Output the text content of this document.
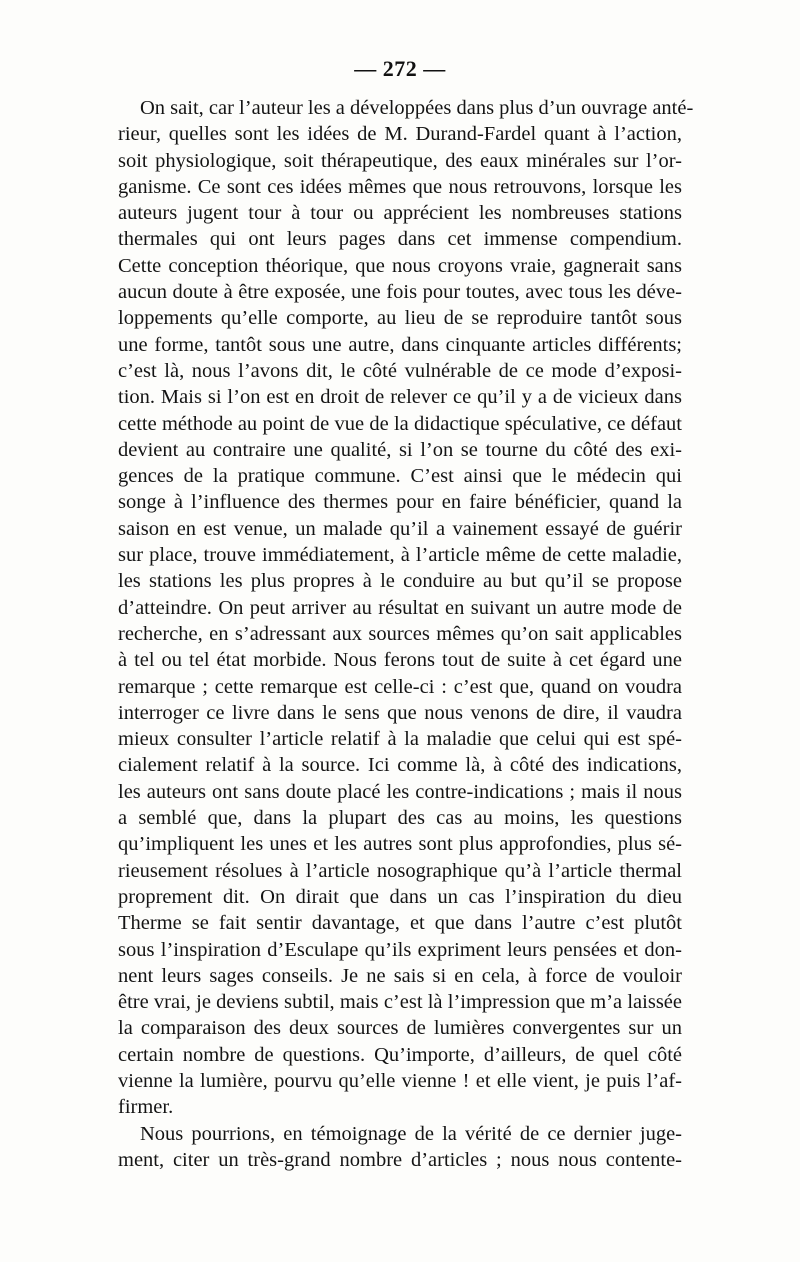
— 272 —
On sait, car l’auteur les a développées dans plus d’un ouvrage anté-
rieur, quelles sont les idées de M. Durand-Fardel quant à l’action,
soit physiologique, soit thérapeutique, des eaux minérales sur l’or-
ganisme. Ce sont ces idées mêmes que nous retrouvons, lorsque les
auteurs jugent tour à tour ou apprécient les nombreuses stations
thermales qui ont leurs pages dans cet immense compendium.
Cette conception théorique, que nous croyons vraie, gagnerait sans
aucun doute à être exposée, une fois pour toutes, avec tous les déve-
loppements qu’elle comporte, au lieu de se reproduire tantôt sous
une forme, tantôt sous une autre, dans cinquante articles différents;
c’est là, nous l’avons dit, le côté vulnérable de ce mode d’exposi-
tion. Mais si l’on est en droit de relever ce qu’il y a de vicieux dans
cette méthode au point de vue de la didactique spéculative, ce défaut
devient au contraire une qualité, si l’on se tourne du côté des exi-
gences de la pratique commune. C’est ainsi que le médecin qui
songe à l’influence des thermes pour en faire bénéficier, quand la
saison en est venue, un malade qu’il a vainement essayé de guérir
sur place, trouve immédiatement, à l’article même de cette maladie,
les stations les plus propres à le conduire au but qu’il se propose
d’atteindre. On peut arriver au résultat en suivant un autre mode de
recherche, en s’adressant aux sources mêmes qu’on sait applicables
à tel ou tel état morbide. Nous ferons tout de suite à cet égard une
remarque ; cette remarque est celle-ci : c’est que, quand on voudra
interroger ce livre dans le sens que nous venons de dire, il vaudra
mieux consulter l’article relatif à la maladie que celui qui est spé-
cialement relatif à la source. Ici comme là, à côté des indications,
les auteurs ont sans doute placé les contre-indications ; mais il nous
a semblé que, dans la plupart des cas au moins, les questions
qu’impliquent les unes et les autres sont plus approfondies, plus sé-
rieusement résolues à l’article nosographique qu’à l’article thermal
proprement dit. On dirait que dans un cas l’inspiration du dieu
Therme se fait sentir davantage, et que dans l’autre c’est plutôt
sous l’inspiration d’Esculape qu’ils expriment leurs pensées et don-
nent leurs sages conseils. Je ne sais si en cela, à force de vouloir
être vrai, je deviens subtil, mais c’est là l’impression que m’a laissée
la comparaison des deux sources de lumières convergentes sur un
certain nombre de questions. Qu’importe, d’ailleurs, de quel côté
vienne la lumière, pourvu qu’elle vienne ! et elle vient, je puis l’af-
firmer.
Nous pourrions, en témoignage de la vérité de ce dernier juge-
ment, citer un très-grand nombre d’articles ; nous nous contente-
